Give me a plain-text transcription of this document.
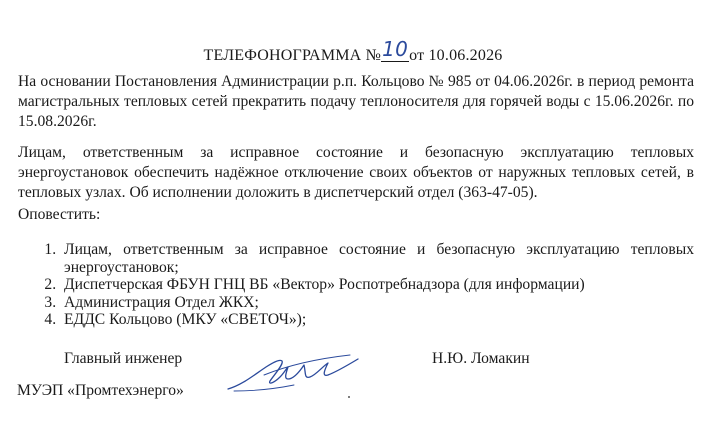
ТЕЛЕФОНОГРАММА №10
от 10.06.2026
На основании Постановления Администрации р.п. Кольцово № 985 от 04.06.2026г. в период ремонта магистральных тепловых сетей прекратить подачу теплоносителя для горячей воды с 15.06.2026г. по 15.08.2026г.
Лицам, ответственным за исправное состояние и безопасную эксплуатацию тепловых энергоустановок обеспечить надёжное отключение своих объектов от наружных тепловых сетей, в тепловых узлах. Об исполнении доложить в диспетчерский отдел (363-47-05).
Оповестить:
1. Лицам, ответственным за исправное состояние и безопасную эксплуатацию тепловых энергоустановок;
2. Диспетчерская ФБУН ГНЦ ВБ «Вектор» Роспотребнадзора (для информации)
3. Администрация Отдел ЖКХ;
4. ЕДДС Кольцово (МКУ «СВЕТОЧ»);
Главный инженер	Н.Ю. Ломакин
МУЭП «Промтехэнерго»
